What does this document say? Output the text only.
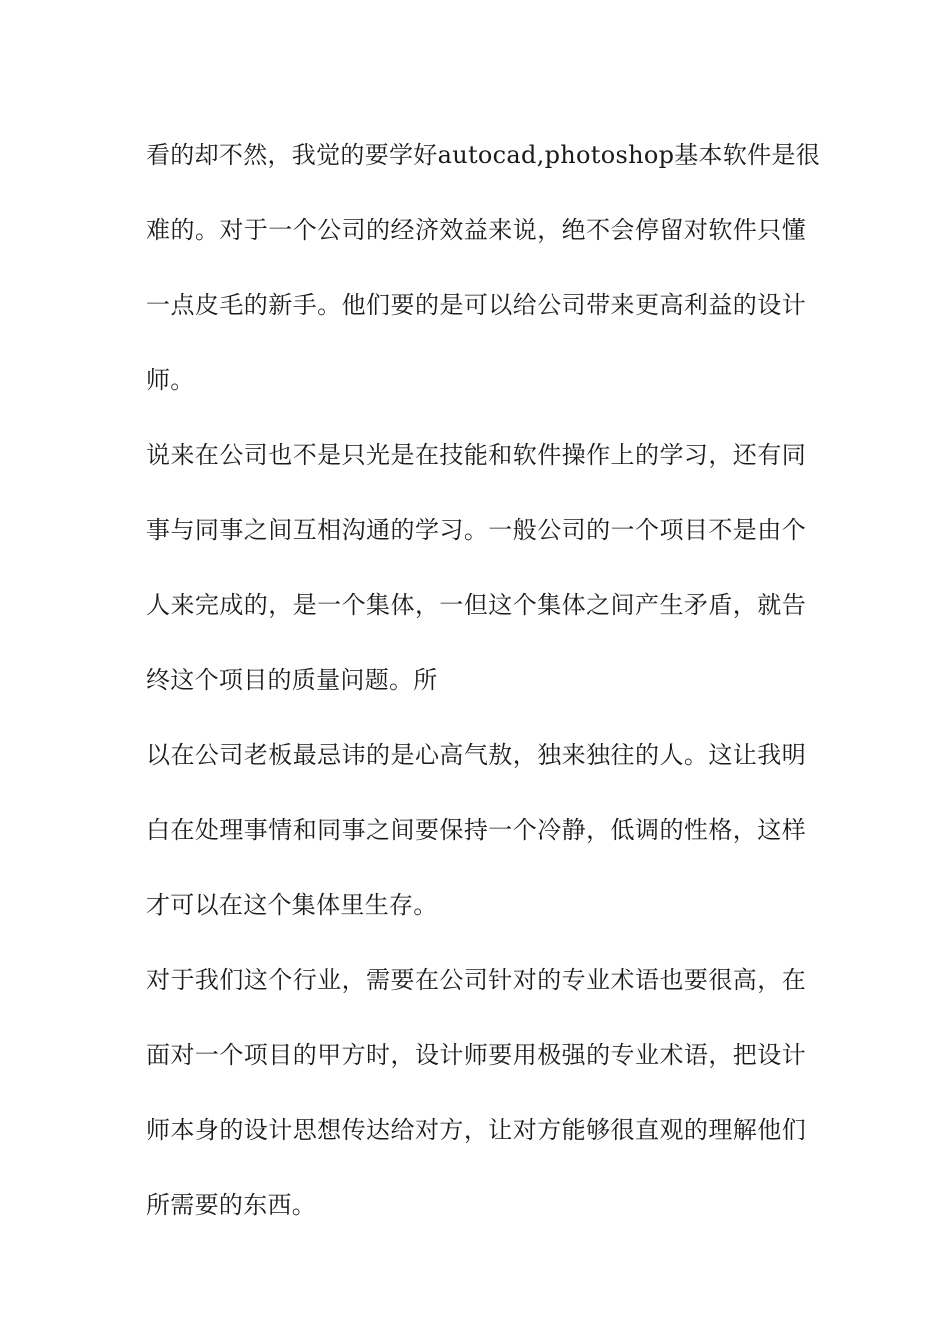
看的却不然，我觉的要学好autocad,photoshop基本软件是很
难的。对于一个公司的经济效益来说，绝不会停留对软件只懂
一点皮毛的新手。他们要的是可以给公司带来更高利益的设计
师。
说来在公司也不是只光是在技能和软件操作上的学习，还有同
事与同事之间互相沟通的学习。一般公司的一个项目不是由个
人来完成的，是一个集体，一但这个集体之间产生矛盾，就告
终这个项目的质量问题。所
以在公司老板最忌讳的是心高气敖，独来独往的人。这让我明
白在处理事情和同事之间要保持一个冷静，低调的性格，这样
才可以在这个集体里生存。
对于我们这个行业，需要在公司针对的专业术语也要很高，在
面对一个项目的甲方时，设计师要用极强的专业术语，把设计
师本身的设计思想传达给对方，让对方能够很直观的理解他们
所需要的东西。
